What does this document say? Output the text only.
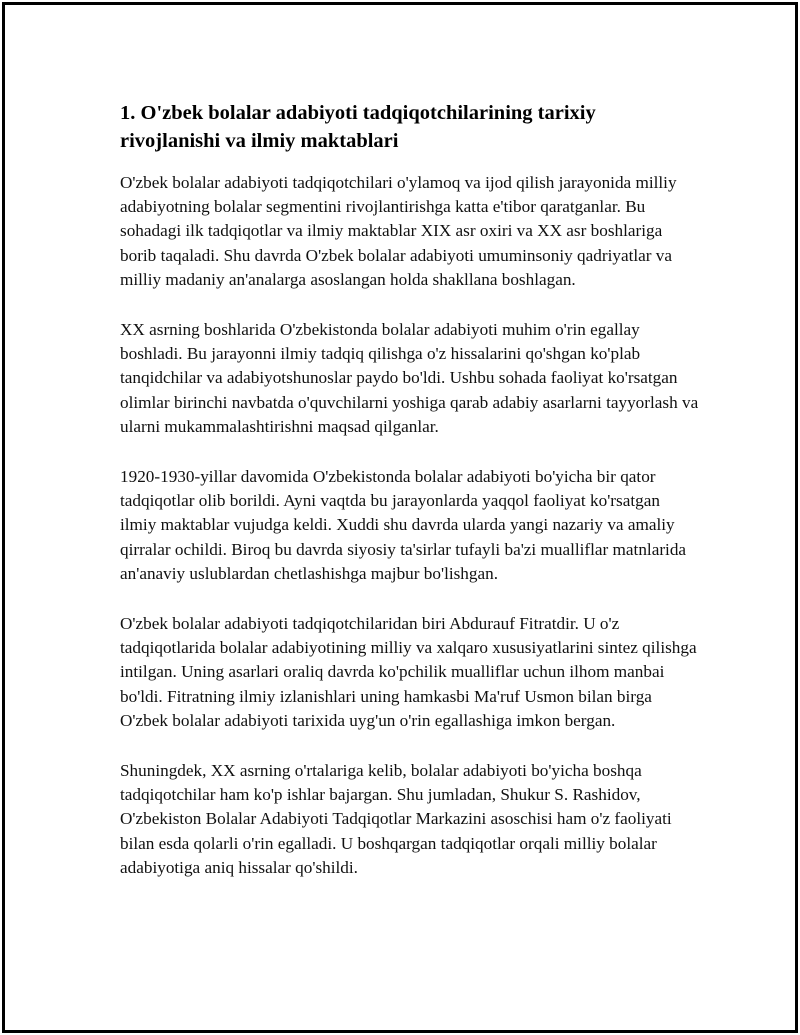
1. O'zbek bolalar adabiyoti tadqiqotchilarining tarixiy rivojlanishi va ilmiy maktablari

O'zbek bolalar adabiyoti tadqiqotchilari o'ylamoq va ijod qilish jarayonida milliy adabiyotning bolalar segmentini rivojlantirishga katta e'tibor qaratganlar. Bu sohadagi ilk tadqiqotlar va ilmiy maktablar XIX asr oxiri va XX asr boshlariga borib taqaladi. Shu davrda O'zbek bolalar adabiyoti umuminsoniy qadriyatlar va milliy madaniy an'analarga asoslangan holda shakllana boshlagan.

XX asrning boshlarida O'zbekistonda bolalar adabiyoti muhim o'rin egallay boshladi. Bu jarayonni ilmiy tadqiq qilishga o'z hissalarini qo'shgan ko'plab tanqidchilar va adabiyotshunoslar paydo bo'ldi. Ushbu sohada faoliyat ko'rsatgan olimlar birinchi navbatda o'quvchilarni yoshiga qarab adabiy asarlarni tayyorlash va ularni mukammalashtirishni maqsad qilganlar.

1920-1930-yillar davomida O'zbekistonda bolalar adabiyoti bo'yicha bir qator tadqiqotlar olib borildi. Ayni vaqtda bu jarayonlarda yaqqol faoliyat ko'rsatgan ilmiy maktablar vujudga keldi. Xuddi shu davrda ularda yangi nazariy va amaliy qirralar ochildi. Biroq bu davrda siyosiy ta'sirlar tufayli ba'zi mualliflar matnlarida an'anaviy uslublardan chetlashishga majbur bo'lishgan.

O'zbek bolalar adabiyoti tadqiqotchilaridan biri Abdurauf Fitratdir. U o'z tadqiqotlarida bolalar adabiyotining milliy va xalqaro xususiyatlarini sintez qilishga intilgan. Uning asarlari oraliq davrda ko'pchilik mualliflar uchun ilhom manbai bo'ldi. Fitratning ilmiy izlanishlari uning hamkasbi Ma'ruf Usmon bilan birga O'zbek bolalar adabiyoti tarixida uyg'un o'rin egallashiga imkon bergan.

Shuningdek, XX asrning o'rtalariga kelib, bolalar adabiyoti bo'yicha boshqa tadqiqotchilar ham ko'p ishlar bajargan. Shu jumladan, Shukur S. Rashidov, O'zbekiston Bolalar Adabiyoti Tadqiqotlar Markazini asoschisi ham o'z faoliyati bilan esda qolarli o'rin egalladi. U boshqargan tadqiqotlar orqali milliy bolalar adabiyotiga aniq hissalar qo'shildi.
